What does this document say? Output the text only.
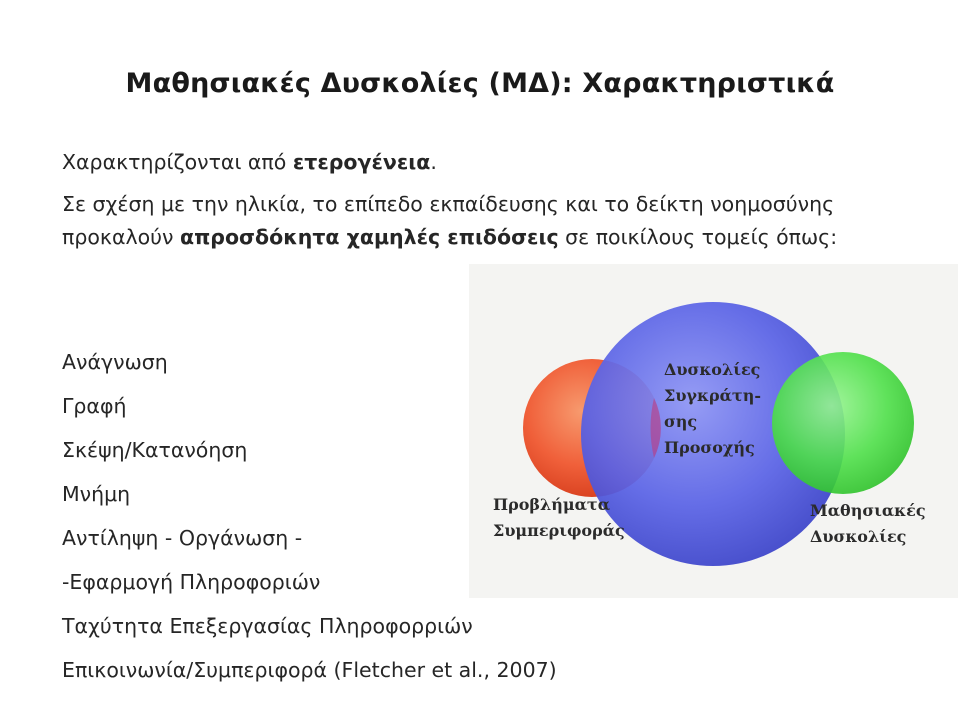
Μαθησιακές Δυσκολίες (ΜΔ): Χαρακτηριστικά

Χαρακτηρίζονται από ετερογένεια.

Σε σχέση με την ηλικία, το επίπεδο εκπαίδευσης και το δείκτη νοημοσύνης προκαλούν απροσδόκητα χαμηλές επιδόσεις σε ποικίλους τομείς όπως:

Ανάγνωση
Γραφή
Σκέψη/Κατανόηση
Μνήμη
Αντίληψη - Οργάνωση -
-Εφαρμογή Πληροφοριών
Ταχύτητα Επεξεργασίας Πληροφορριών
Επικοινωνία/Συμπεριφορά (Fletcher et al., 2007)
Δυσκολίες
Συγκράτη-
σης
Προσοχής
Προβλήματα
Συμπεριφοράς
Μαθησιακές
Δυσκολίες
